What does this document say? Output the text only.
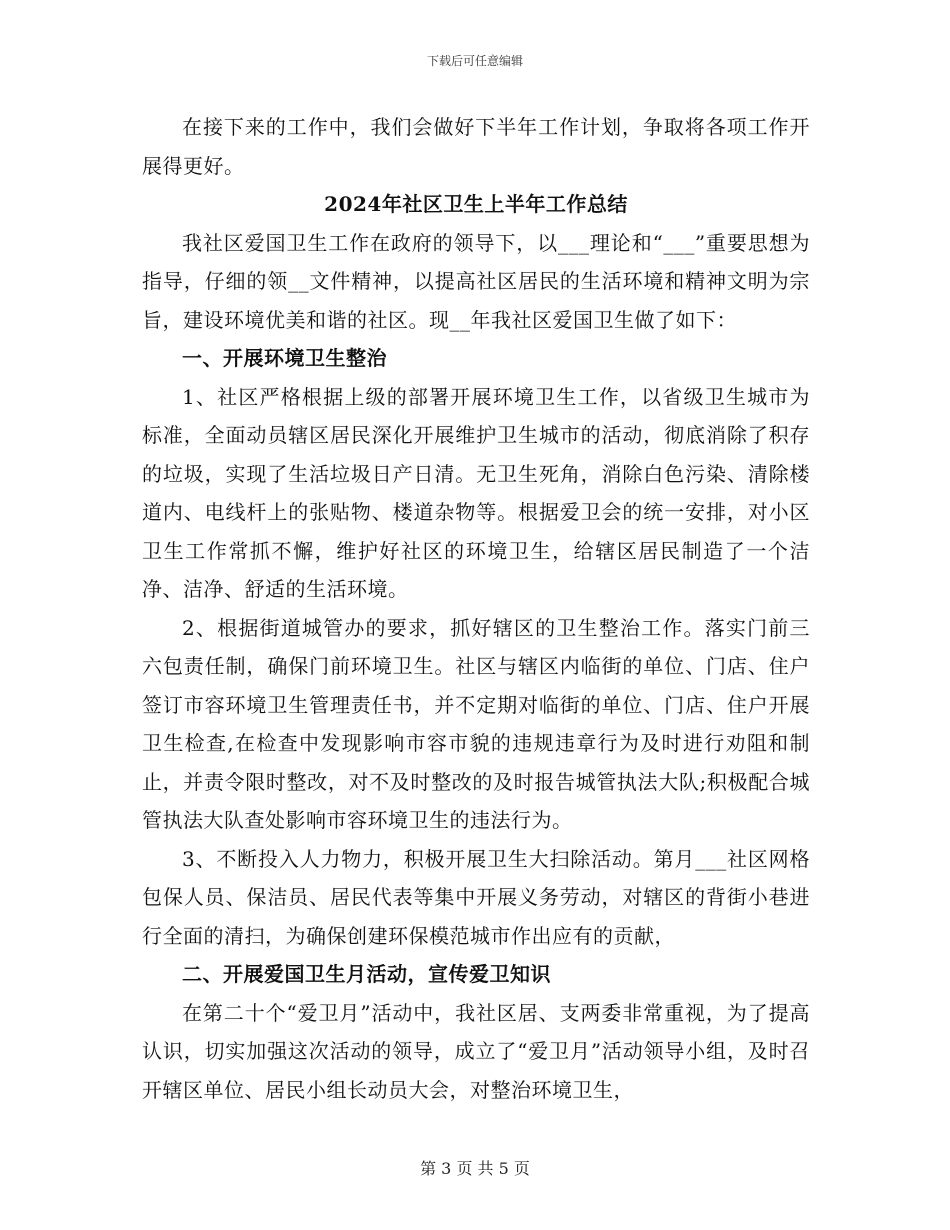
下载后可任意编辑

在接下来的工作中，我们会做好下半年工作计划，争取将各项工作开展得更好。

2024年社区卫生上半年工作总结

我社区爱国卫生工作在政府的领导下，以___理论和“___”重要思想为指导，仔细的领__文件精神，以提高社区居民的生活环境和精神文明为宗旨，建设环境优美和谐的社区。现__年我社区爱国卫生做了如下：

一、开展环境卫生整治

1、社区严格根据上级的部署开展环境卫生工作，以省级卫生城市为标准，全面动员辖区居民深化开展维护卫生城市的活动，彻底消除了积存的垃圾，实现了生活垃圾日产日清。无卫生死角，消除白色污染、清除楼道内、电线杆上的张贴物、楼道杂物等。根据爱卫会的统一安排，对小区卫生工作常抓不懈，维护好社区的环境卫生，给辖区居民制造了一个洁净、洁净、舒适的生活环境。

2、根据街道城管办的要求，抓好辖区的卫生整治工作。落实门前三六包责任制，确保门前环境卫生。社区与辖区内临街的单位、门店、住户签订市容环境卫生管理责任书，并不定期对临街的单位、门店、住户开展卫生检查,在检查中发现影响市容市貌的违规违章行为及时进行劝阻和制止，并责令限时整改，对不及时整改的及时报告城管执法大队;积极配合城管执法大队查处影响市容环境卫生的违法行为。

3、不断投入人力物力，积极开展卫生大扫除活动。第月___社区网格包保人员、保洁员、居民代表等集中开展义务劳动，对辖区的背街小巷进行全面的清扫，为确保创建环保模范城市作出应有的贡献，

二、开展爱国卫生月活动，宣传爱卫知识

在第二十个“爱卫月”活动中，我社区居、支两委非常重视，为了提高认识，切实加强这次活动的领导，成立了“爱卫月”活动领导小组，及时召开辖区单位、居民小组长动员大会，对整治环境卫生，

第 3 页 共 5 页
